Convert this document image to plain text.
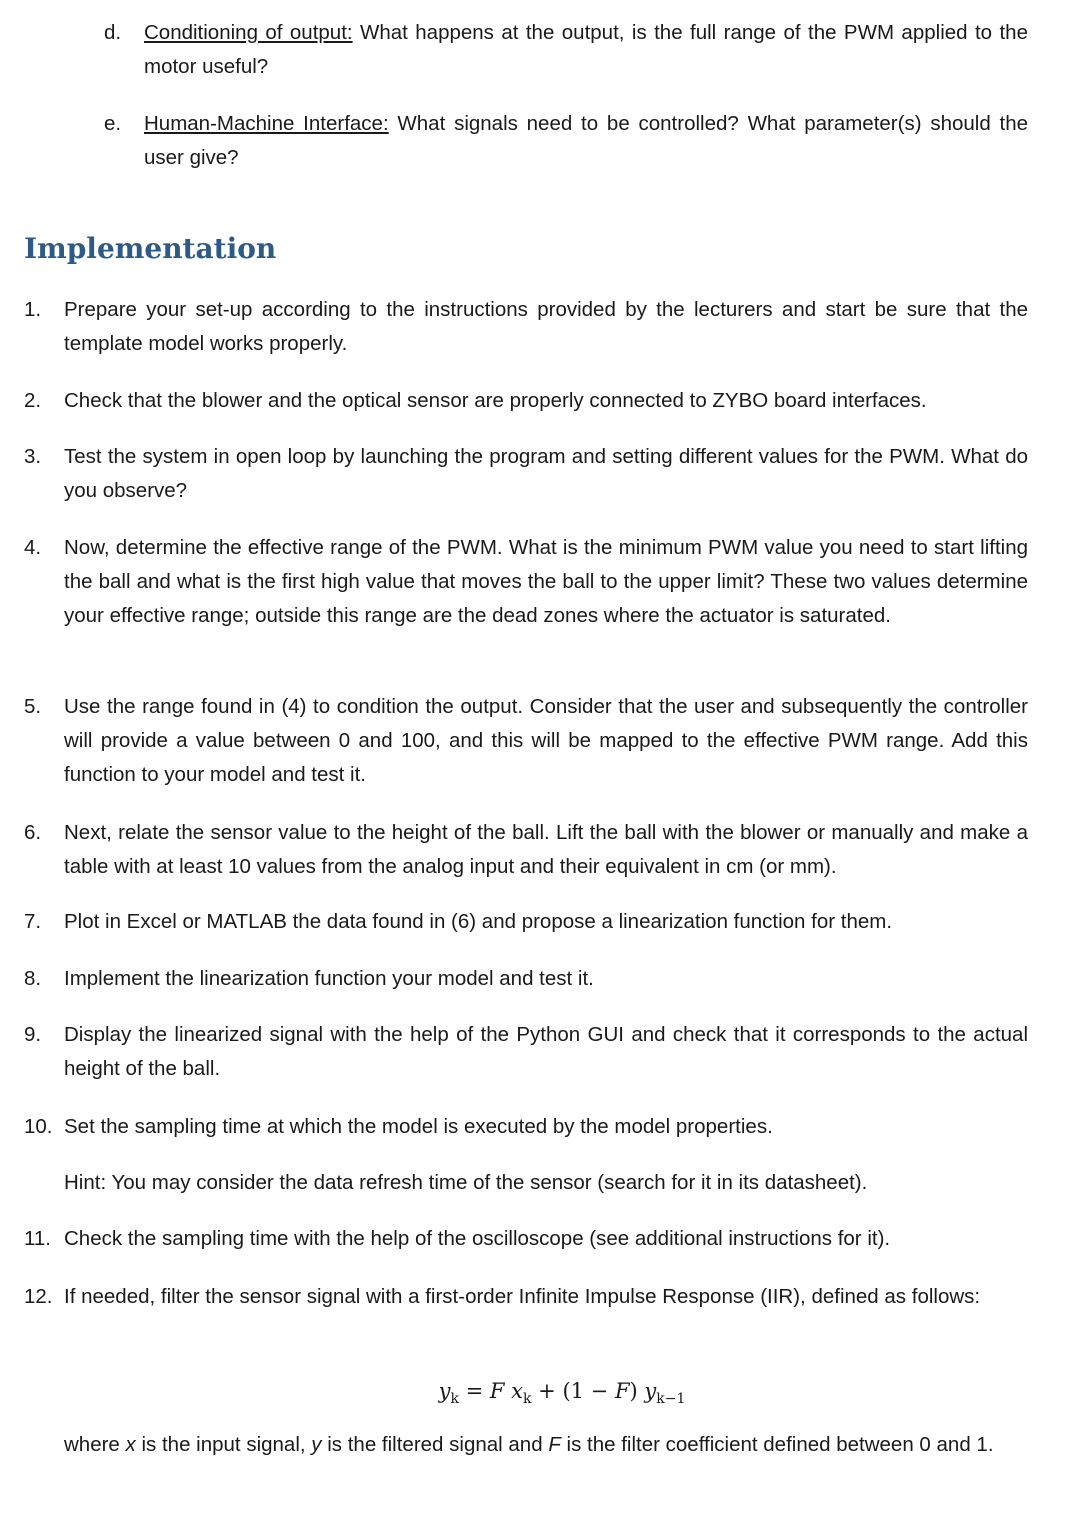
d. Conditioning of output: What happens at the output, is the full range of the PWM applied to the motor useful?
e. Human-Machine Interface: What signals need to be controlled? What parameter(s) should the user give?
Implementation
1. Prepare your set-up according to the instructions provided by the lecturers and start be sure that the template model works properly.
2. Check that the blower and the optical sensor are properly connected to ZYBO board interfaces.
3. Test the system in open loop by launching the program and setting different values for the PWM. What do you observe?
4. Now, determine the effective range of the PWM. What is the minimum PWM value you need to start lifting the ball and what is the first high value that moves the ball to the upper limit? These two values determine your effective range; outside this range are the dead zones where the actuator is saturated.
5. Use the range found in (4) to condition the output. Consider that the user and subsequently the controller will provide a value between 0 and 100, and this will be mapped to the effective PWM range. Add this function to your model and test it.
6. Next, relate the sensor value to the height of the ball. Lift the ball with the blower or manually and make a table with at least 10 values from the analog input and their equivalent in cm (or mm).
7. Plot in Excel or MATLAB the data found in (6) and propose a linearization function for them.
8. Implement the linearization function your model and test it.
9. Display the linearized signal with the help of the Python GUI and check that it corresponds to the actual height of the ball.
10. Set the sampling time at which the model is executed by the model properties.
Hint: You may consider the data refresh time of the sensor (search for it in its datasheet).
11. Check the sampling time with the help of the oscilloscope (see additional instructions for it).
12. If needed, filter the sensor signal with a first-order Infinite Impulse Response (IIR), defined as follows:
$y_k = F$ $x_k + (1 - F)$ $y_{k-1}$
where x is the input signal, y is the filtered signal and F is the filter coefficient defined between 0 and 1.
